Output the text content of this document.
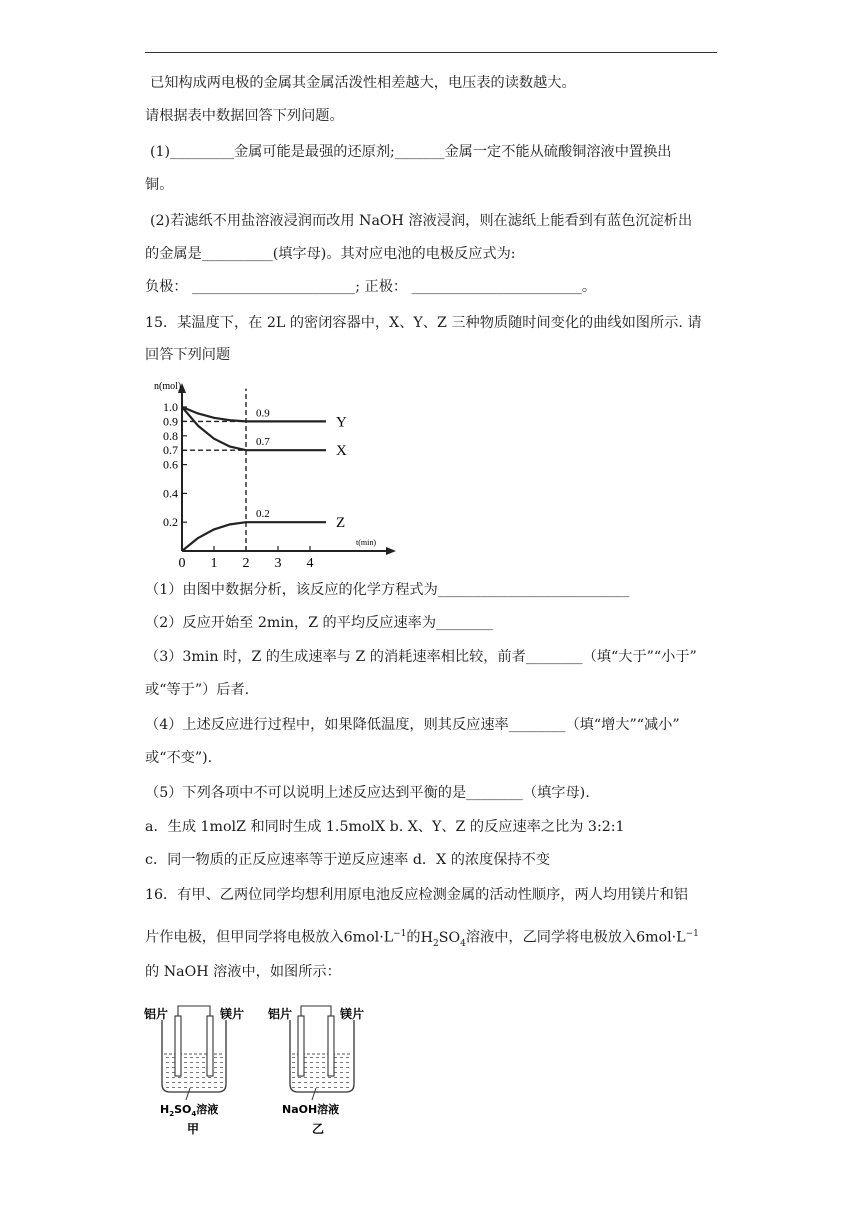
已知构成两电极的金属其金属活泼性相差越大，电压表的读数越大。
请根据表中数据回答下列问题。
(1)_________金属可能是最强的还原剂;_______金属一定不能从硫酸铜溶液中置换出
铜。
(2)若滤纸不用盐溶液浸润而改用 NaOH 溶液浸润，则在滤纸上能看到有蓝色沉淀析出
的金属是__________(填字母)。其对应电池的电极反应式为:
负极： _______________________; 正极： ________________________。
15．某温度下，在 2L 的密闭容器中，X、Y、Z 三种物质随时间变化的曲线如图所示. 请
回答下列问题
n(mol)
t(min)
1.0
0.9
0.8
0.7
0.6
0.4
0.2
0 1 2 3 4
0.9
Y
0.7
X
0.2
Z
（1）由图中数据分析，该反应的化学方程式为___________________________
（2）反应开始至 2min，Z 的平均反应速率为________
（3）3min 时，Z 的生成速率与 Z 的消耗速率相比较，前者________（填“大于”“小于”
或“等于”）后者.
（4）上述反应进行过程中，如果降低温度，则其反应速率________（填“增大”“减小”
或“不变”).
（5）下列各项中不可以说明上述反应达到平衡的是________（填字母).
a．生成 1molZ 和同时生成 1.5molX b. X、Y、Z 的反应速率之比为 3:2:1
c．同一物质的正反应速率等于逆反应速率 d．X 的浓度保持不变
16．有甲、乙两位同学均想利用原电池反应检测金属的活动性顺序，两人均用镁片和铝
片作电极，但甲同学将电极放入$6mol\cdot L^{-1}$的$H_2SO_4$溶液中，乙同学将电极放入$6mol\cdot L^{-1}$
的 NaOH 溶液中，如图所示：
铝片	镁片
$H_2SO_4$溶液
甲
铝片	镁片
NaOH溶液
乙
